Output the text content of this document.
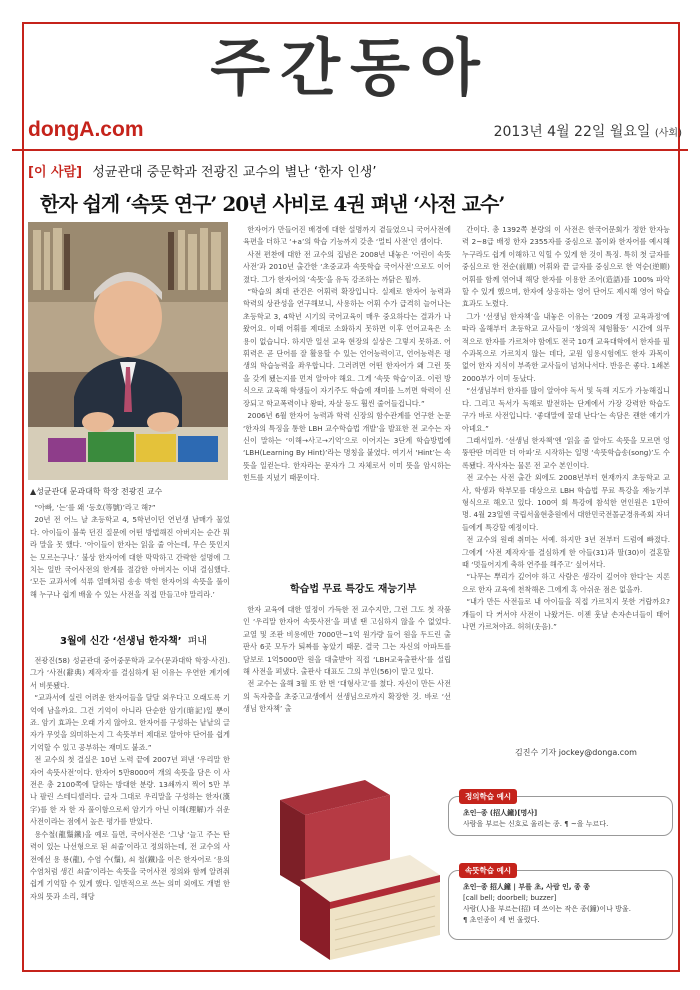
주간동아
dongA.com	2013년 4월 22일 월요일 (사회)
[이 사람] 성균관대 중문학과 전광진 교수의 별난 ‘한자 인생’
한자 쉽게 ‘속뜻 연구’ 20년 사비로 4권 펴낸 ‘사전 교수’
▲성균관대 문과대학 학장 전광진 교수

“아빠, ‘는’를 왜 ‘등호(等號)’라고 해?”

20년 전 어느 날 초등학교 4, 5학년이던 연년생 남매가 물었다. 아이들이 불쑥 던진 질문에 어떤 방법해진 아버지는 순간 뭐라 말을 못 했다. ‘아이들이 한자는 읽을 줄 아는데, 무슨 뜻인지는 모르는구나.’ 불상 한자어에 대한 막막하고 간략한 설명에 그치는 일반 국어사전의 한계를 절감한 아버지는 이내 결심했다. ‘모든 교과서에 석류 열매처럼 송송 박힌 한자어의 속뜻을 풀이해 누구나 쉽게 배울 수 있는 사전을 직접 만들고야 말리라.’

3월에 신간 ‘선생님 한자책’ 펴내

전광진(58) 성균관대 중어중문학과 교수(문과대학 학장·사진). 그가 ‘사전(辭典) 제작자’를 결심하게 된 이유는 우연한 계기에서 비롯됐다.

“교과서에 실린 어려운 한자어들을 달달 외우다고 오래도록 기억에 남을까요. 그건 기억이 아니라 단순한 암기(暗記)일 뿐이죠. 암기 효과는 오래 가지 않아요. 한자어를 구성하는 낱낱의 글자가 무엇을 의미하는지 그 속뜻부터 제대로 알아야 단어를 쉽게 기억할 수 있고 공부하는 재미도 붙죠.”

전 교수의 첫 결실은 10년 노력 끝에 2007년 펴낸 ‘우리말 한자어 속뜻사전’이다. 한자어 5만8000여 개의 속뜻을 담은 이 사전은 총 2100쪽에 달하는 방대한 분량. 13쇄까지 찍어 5만 부나 팔린 스테디셀러다. 글자 그대로 우리말을 구성하는 한자(漢字)를 한 자 한 자 풀이함으로써 암기가 아닌 이해(理解)가 쉬운 사전이라는 점에서 높은 평가를 받았다.

용수철(龍鬚鐵)을 예로 들면, 국어사전은 ‘그냥 ‘늘고 주는 탄력이 있는 나선형으로 된 쇠줄’이라고 정의하는데, 전 교수의 사전에선 용 룡(龍), 수염 수(鬚), 쇠 철(鐵)을 이은 한자어로 ‘용의 수염처럼 생긴 쇠줄’이라는 속뜻을 국어사전 정의와 함께 알려줘 쉽게 기억할 수 있게 했다. 일반적으로 쓰는 의미 외에도 개별 한자의 뜻과 소리, 해당

한자어가 만들어진 배경에 대한 설명까지 곁들였으니 국어사전에 육편을 더하고 ‘+a’의 학습 기능까지 갖춘 ‘멀티 사전’인 셈이다.

사전 편찬에 대한 전 교수의 집념은 2008년 내놓은 ‘어린이 속뜻사전’과 2010년 출간한 ‘초중교과 속뜻학습 국어사전’으로도 이어졌다. 그가 한자어의 ‘속뜻’을 유독 강조하는 까닭은 뭘까.

“학습의 최대 관건은 어휘력 확장입니다. 실제로 한자어 능력과 학력의 상관성을 연구해보니, 사용하는 어휘 수가 급격히 늘어나는 초등학교 3, 4학년 시기의 국어교육이 매우 중요하다는 결과가 나왔어요. 이때 어휘를 제대로 소화하지 못하면 이후 언어교육은 소용이 없습니다. 하지만 일선 교육 현장의 실상은 그렇지 못하죠. 어휘력은 곧 단어를 잘 활용할 수 있는 언어능력이고, 언어능력은 평생의 학습능력을 좌우합니다. 그러려면 어떤 한자어가 왜 그런 뜻을 갖게 됐는지를 먼저 알아야 해요. 그게 ‘속뜻 학습’이죠. 이런 방식으로 교육해 학생들이 자기주도 학습에 재미를 느끼면 학력이 신장되고 학교폭력이나 왕따, 자살 등도 훨씬 줄어들겁니다.”

2006년 6월 한자어 능력과 학력 신장의 함수관계를 연구한 논문 ‘한자의 특징을 통한 LBH 교수학습법 개발’을 발표한 전 교수는 자신이 말하는 ‘이해→사고→기억’으로 이어지는 3단계 학습방법에 ‘LBH(Learning By Hint)’라는 명칭을 붙였다. 여기서 ‘Hint’는 속뜻을 일컫는다. 한자라는 문자가 그 자체로서 이미 뜻을 암시하는 힌트를 지녔기 때문이다.

학습법 무료 특강도 재능기부

한자 교육에 대한 열정이 가득한 전 교수지만, 그런 그도 첫 작품인 ‘우리말 한자어 속뜻사전’을 펴낼 땐 고심하지 않을 수 없었다. 교열 및 조판 비용에만 7000만~1억 원가량 들어 원을 두드린 출판사 6곳 모두가 퇴짜를 놓았기 때문. 결국 그는 자신의 아파트를 담보로 1억5000만 원을 대출받아 직접 ‘LBH교육출판사’를 설립해 사전을 펴냈다. 출판사 대표도 그의 부인(56)이 맡고 있다.

전 교수는 올해 3월 또 한 번 ‘대형사고’를 쳤다. 자신이 만든 사전의 독자층을 초중고교생에서 선생님으로까지 확장한 것. 바로 ‘선생님 한자책’ 출

간이다. 총 1392쪽 분량의 이 사전은 한국어문회가 정한 한자능력 2~8급 배정 한자 2355자를 중심으로 몰이와 한자어를 예시해 누구라도 쉽게 이해하고 익힐 수 있게 한 것이 특징. 특히 첫 글자를 중심으로 한 전순(前順) 어휘와 끝 글자를 중심으로 한 역순(逆順) 어휘를 함께 엮어내 해당 한자를 이용한 조어(造語)를 100% 파악할 수 있게 했으며, 한자에 상응하는 영어 단어도 제시해 영어 학습 효과도 노렸다.

그가 ‘선생님 한자책’을 내놓은 이유는 ‘2009 개정 교육과정’에 따라 올해부터 초등학교 교사들이 ‘창의적 체험활동’ 시간에 의무적으로 한자를 가르쳐야 함에도 전국 10개 교육대학에서 한자를 필수과목으로 가르치지 않는 데다, 교원 임용시험에도 한자 과목이 없어 한자 지식이 부족한 교사들이 넘쳐나서다. 반응은 좋다. 1쇄본 2000부가 이미 동났다.

“선생님부터 한자를 많이 알아야 독서 및 독해 지도가 가능해집니다. 그리고 독서가 독해로 발전하는 단계에서 가장 강력한 학습도구가 바로 사전입니다. ‘좋대말에 꿀대 난다’는 속담은 괜한 얘기가 아녜요.”

그래서일까. ‘선생님 한자책’엔 ‘읽을 줄 알아도 속뜻을 모르면 엉뚱딴딴 머리만 더 아파’로 시작하는 일명 ‘속뜻학습송(song)’도 수록됐다. 작사자는 물론 전 교수 본인이다.

전 교수는 사전 출간 외에도 2008년부터 현재까지 초등학교 교사, 학생과 학부모를 대상으로 LBH 학습법 무료 특강을 재능기부 형식으로 해오고 있다. 100여 회 특강에 참석한 연인원은 1만여 명. 4월 23일엔 국립서울현충원에서 대한민국전몰군경유족회 자녀들에게 특강할 예정이다.

전 교수의 원래 취미는 서예. 하지만 3년 전부터 드럼에 빠졌다. 그에게 ‘사전 제작자’를 결심하게 한 아들(31)과 딸(30)이 결혼할 때 ‘멋들어지게 축하 연주를 해주고’ 싶어서다.

“나무는 뿌리가 깊어야 하고 사람은 생각이 깊어야 한다’는 지론으로 한자 교육에 천착해온 그에게 혹 아쉬운 점은 없을까.

“내가 만든 사전들로 내 아이들을 직접 가르치지 못한 거랍까요? 걔들이 다 커서야 사전이 나왔거든. 이젠 훗날 손자손녀들이 태어나면 가르쳐야죠. 허허(웃음).”

김진수 기자 jockey@donga.com
정의학습 예시
초인─종 (招人鐘)[명사]
사람을 부르는 신호로 울리는 종. ¶ ~을 누르다.
속뜻학습 예시
초인─종 招人鐘 | 부를 초, 사람 인, 종 종
[call bell; doorbell; buzzer]
사람(人)을 부르는(招) 데 쓰이는 작은 종(鐘)이나 방울.
¶ 초인종이 세 번 울렸다.
